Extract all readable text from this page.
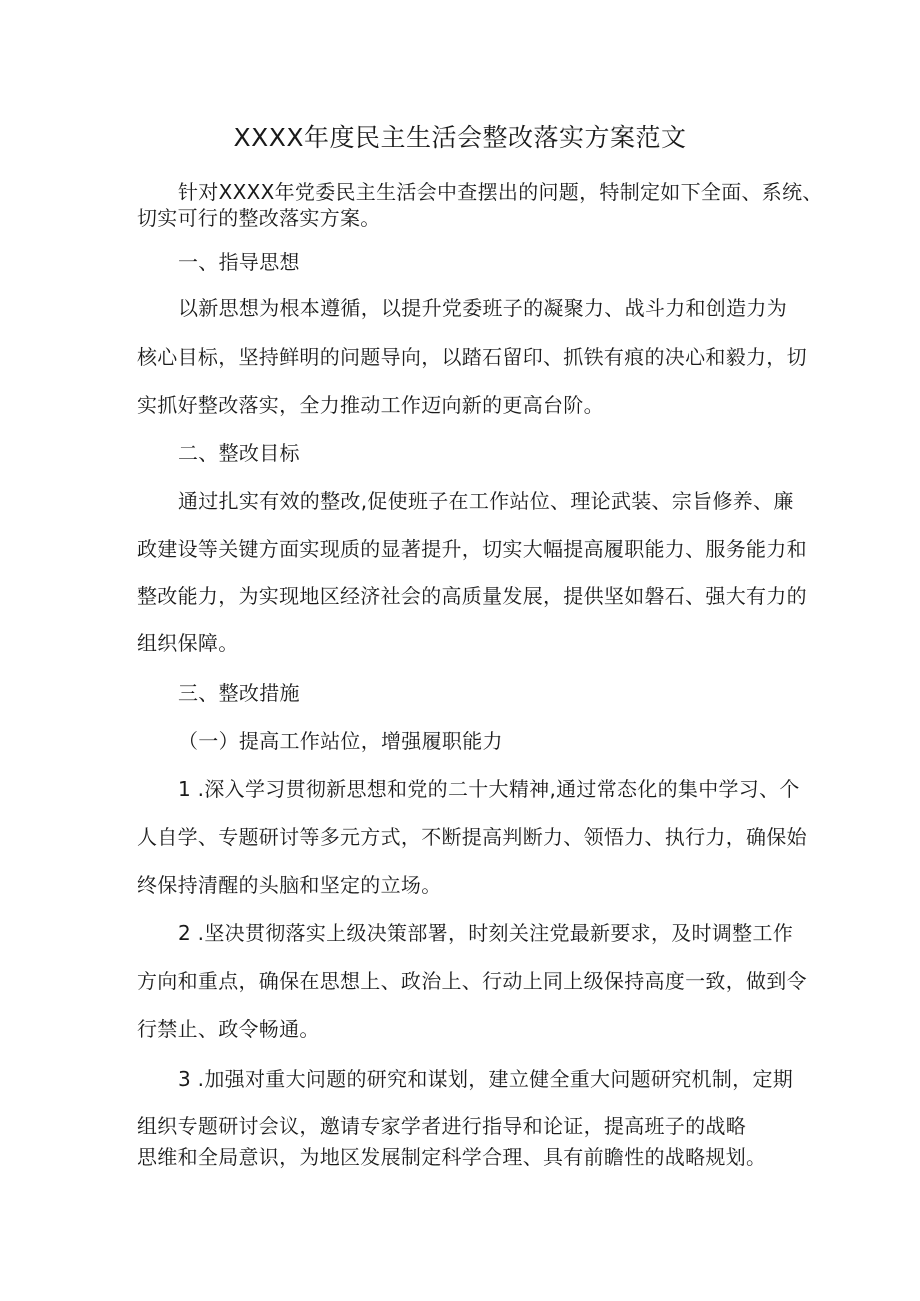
XXXX年度民主生活会整改落实方案范文
针对XXXX年党委民主生活会中查摆出的问题，特制定如下全面、系统、
切实可行的整改落实方案。
一、指导思想
以新思想为根本遵循，以提升党委班子的凝聚力、战斗力和创造力为
核心目标，坚持鲜明的问题导向，以踏石留印、抓铁有痕的决心和毅力，切
实抓好整改落实，全力推动工作迈向新的更高台阶。
二、整改目标
通过扎实有效的整改,促使班子在工作站位、理论武装、宗旨修养、廉
政建设等关键方面实现质的显著提升，切实大幅提高履职能力、服务能力和
整改能力，为实现地区经济社会的高质量发展，提供坚如磐石、强大有力的
组织保障。
三、整改措施
（一）提高工作站位，增强履职能力
1 .深入学习贯彻新思想和党的二十大精神,通过常态化的集中学习、个
人自学、专题研讨等多元方式，不断提高判断力、领悟力、执行力，确保始
终保持清醒的头脑和坚定的立场。
2 .坚决贯彻落实上级决策部署，时刻关注党最新要求，及时调整工作
方向和重点，确保在思想上、政治上、行动上同上级保持高度一致，做到令
行禁止、政令畅通。
3 .加强对重大问题的研究和谋划，建立健全重大问题研究机制，定期
组织专题研讨会议，邀请专家学者进行指导和论证，提高班子的战略
思维和全局意识，为地区发展制定科学合理、具有前瞻性的战略规划。
